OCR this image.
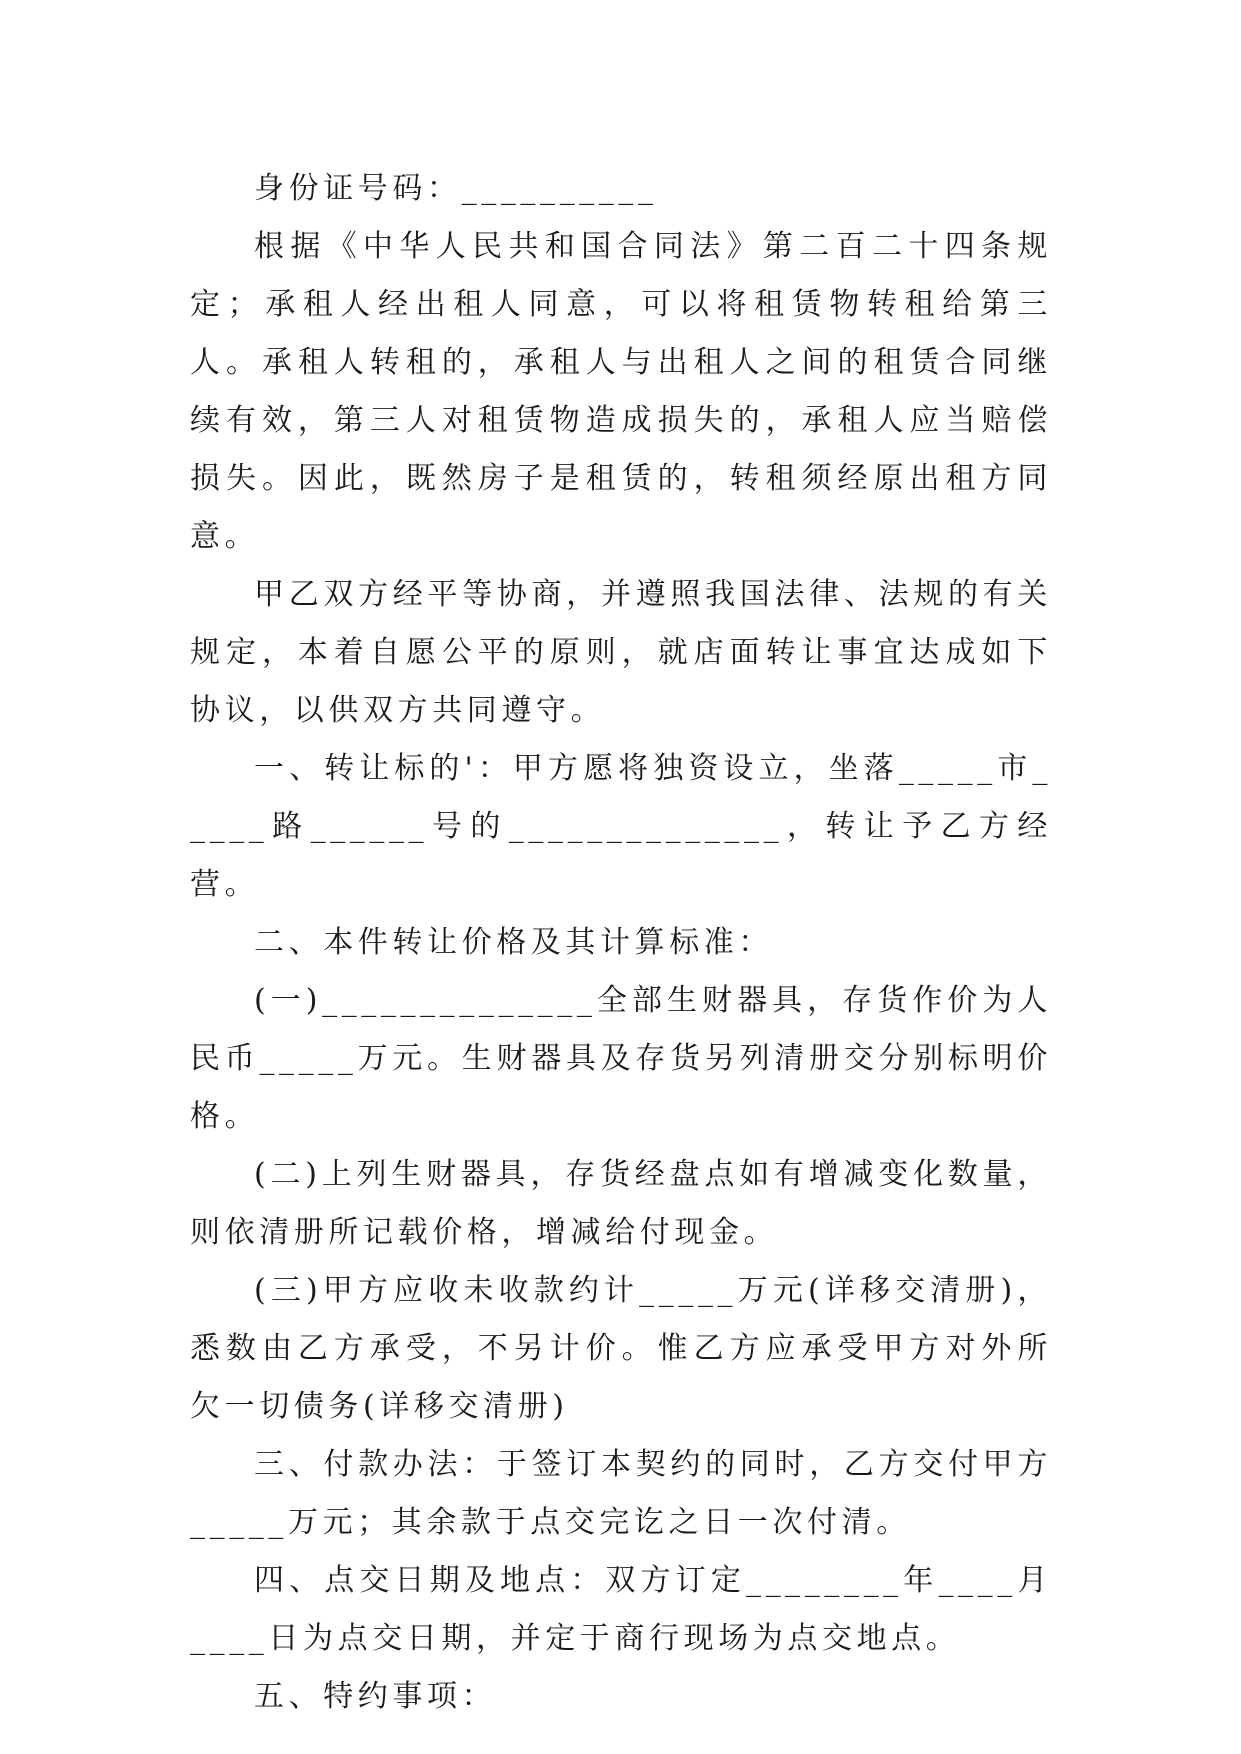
身份证号码：__________

根据《中华人民共和国合同法》第二百二十四条规定；承租人经出租人同意，可以将租赁物转租给第三人。承租人转租的，承租人与出租人之间的租赁合同继续有效，第三人对租赁物造成损失的，承租人应当赔偿损失。因此，既然房子是租赁的，转租须经原出租方同意。

甲乙双方经平等协商，并遵照我国法律、法规的有关规定，本着自愿公平的原则，就店面转让事宜达成如下协议，以供双方共同遵守。

一、转让标的'：甲方愿将独资设立，坐落_____市_____路______号的______________，转让予乙方经营。

二、本件转让价格及其计算标准：

(一)______________全部生财器具，存货作价为人民币_____万元。生财器具及存货另列清册交分别标明价格。

(二)上列生财器具，存货经盘点如有增减变化数量，则依清册所记载价格，增减给付现金。

(三)甲方应收未收款约计_____万元(详移交清册)，悉数由乙方承受，不另计价。惟乙方应承受甲方对外所欠一切债务(详移交清册)

三、付款办法：于签订本契约的同时，乙方交付甲方_____万元；其余款于点交完讫之日一次付清。

四、点交日期及地点：双方订定________年____月____日为点交日期，并定于商行现场为点交地点。

五、特约事项：
